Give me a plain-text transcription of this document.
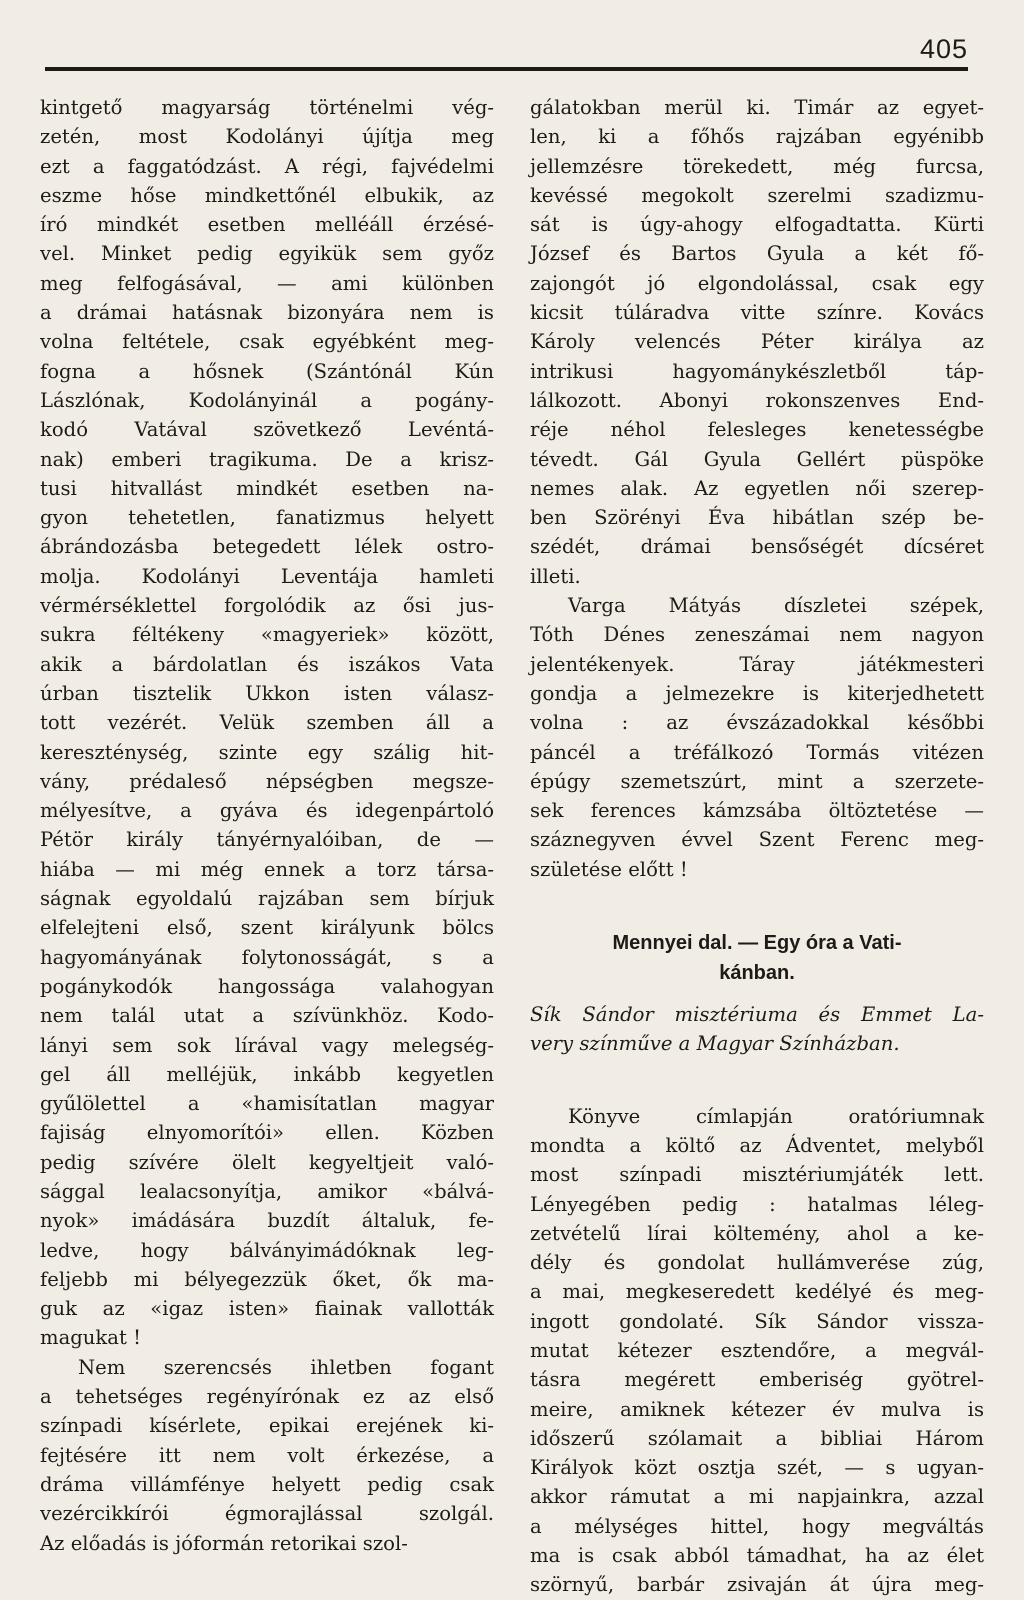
405
kintgető magyarság történelmi vég-
zetén, most Kodolányi újítja meg
ezt a faggatódzást. A régi, fajvédelmi
eszme hőse mindkettőnél elbukik, az
író mindkét esetben melléáll érzésé-
vel. Minket pedig egyikük sem győz
meg felfogásával, — ami különben
a drámai hatásnak bizonyára nem is
volna feltétele, csak egyébként meg-
fogna a hősnek (Szántónál Kún
Lászlónak, Kodolányinál a pogány-
kodó Vatával szövetkező Levéntá-
nak) emberi tragikuma. De a krisz-
tusi hitvallást mindkét esetben na-
gyon tehetetlen, fanatizmus helyett
ábrándozásba betegedett lélek ostro-
molja. Kodolányi Leventája hamleti
vérmérséklettel forgolódik az ősi jus-
sukra féltékeny «magyeriek» között,
akik a bárdolatlan és iszákos Vata
úrban tisztelik Ukkon isten válasz-
tott vezérét. Velük szemben áll a
kereszténység, szinte egy szálig hit-
vány, prédaleső népségben megsze-
mélyesítve, a gyáva és idegenpártoló
Pétör király tányérnyalóiban, de —
hiába — mi még ennek a torz társa-
ságnak egyoldalú rajzában sem bírjuk
elfelejteni első, szent királyunk bölcs
hagyományának folytonosságát, s a
pogánykodók hangossága valahogyan
nem talál utat a szívünkhöz. Kodo-
lányi sem sok lírával vagy melegség-
gel áll melléjük, inkább kegyetlen
gyűlölettel a «hamisítatlan magyar
fajiság elnyomorítói» ellen. Közben
pedig szívére ölelt kegyeltjeit való-
sággal lealacsonyítja, amikor «bálvá-
nyok» imádására buzdít általuk, fe-
ledve, hogy bálványimádóknak leg-
feljebb mi bélyegezzük őket, ők ma-
guk az «igaz isten» fiainak vallották
magukat !
Nem szerencsés ihletben fogant
a tehetséges regényírónak ez az első
színpadi kísérlete, epikai erejének ki-
fejtésére itt nem volt érkezése, a
dráma villámfénye helyett pedig csak
vezércikkírói égmorajlással szolgál.
Az előadás is jóformán retorikai szol-
gálatokban merül ki. Timár az egyet-
len, ki a főhős rajzában egyénibb
jellemzésre törekedett, még furcsa,
kevéssé megokolt szerelmi szadizmu-
sát is úgy-ahogy elfogadtatta. Kürti
József és Bartos Gyula a két fő-
zajongót jó elgondolással, csak egy
kicsit túláradva vitte színre. Kovács
Károly velencés Péter királya az
intrikusi hagyománykészletből táp-
lálkozott. Abonyi rokonszenves End-
réje néhol felesleges kenetességbe
tévedt. Gál Gyula Gellért püspöke
nemes alak. Az egyetlen női szerep-
ben Szörényi Éva hibátlan szép be-
szédét, drámai bensőségét dícséret
illeti.
Varga Mátyás díszletei szépek,
Tóth Dénes zeneszámai nem nagyon
jelentékenyek. Táray játékmesteri
gondja a jelmezekre is kiterjedhetett
volna : az évszázadokkal későbbi
páncél a tréfálkozó Tormás vitézen
épúgy szemetszúrt, mint a szerzete-
sek ferences kámzsába öltöztetése —
száznegyven évvel Szent Ferenc meg-
születése előtt !
Mennyei dal. — Egy óra a Vati-
kánban.
Sík Sándor misztériuma és Emmet La-
very színműve a Magyar Színházban.
Könyve címlapján oratóriumnak
mondta a költő az Ádventet, melyből
most színpadi misztériumjáték lett.
Lényegében pedig : hatalmas léleg-
zetvételű lírai költemény, ahol a ke-
dély és gondolat hullámverése zúg,
a mai, megkeseredett kedélyé és meg-
ingott gondolaté. Sík Sándor vissza-
mutat kétezer esztendőre, a megvál-
tásra megérett emberiség gyötrel-
meire, amiknek kétezer év mulva is
időszerű szólamait a bibliai Három
Királyok közt osztja szét, — s ugyan-
akkor rámutat a mi napjainkra, azzal
a mélységes hittel, hogy megváltás
ma is csak abból támadhat, ha az élet
szörnyű, barbár zsivaján át újra meg-
